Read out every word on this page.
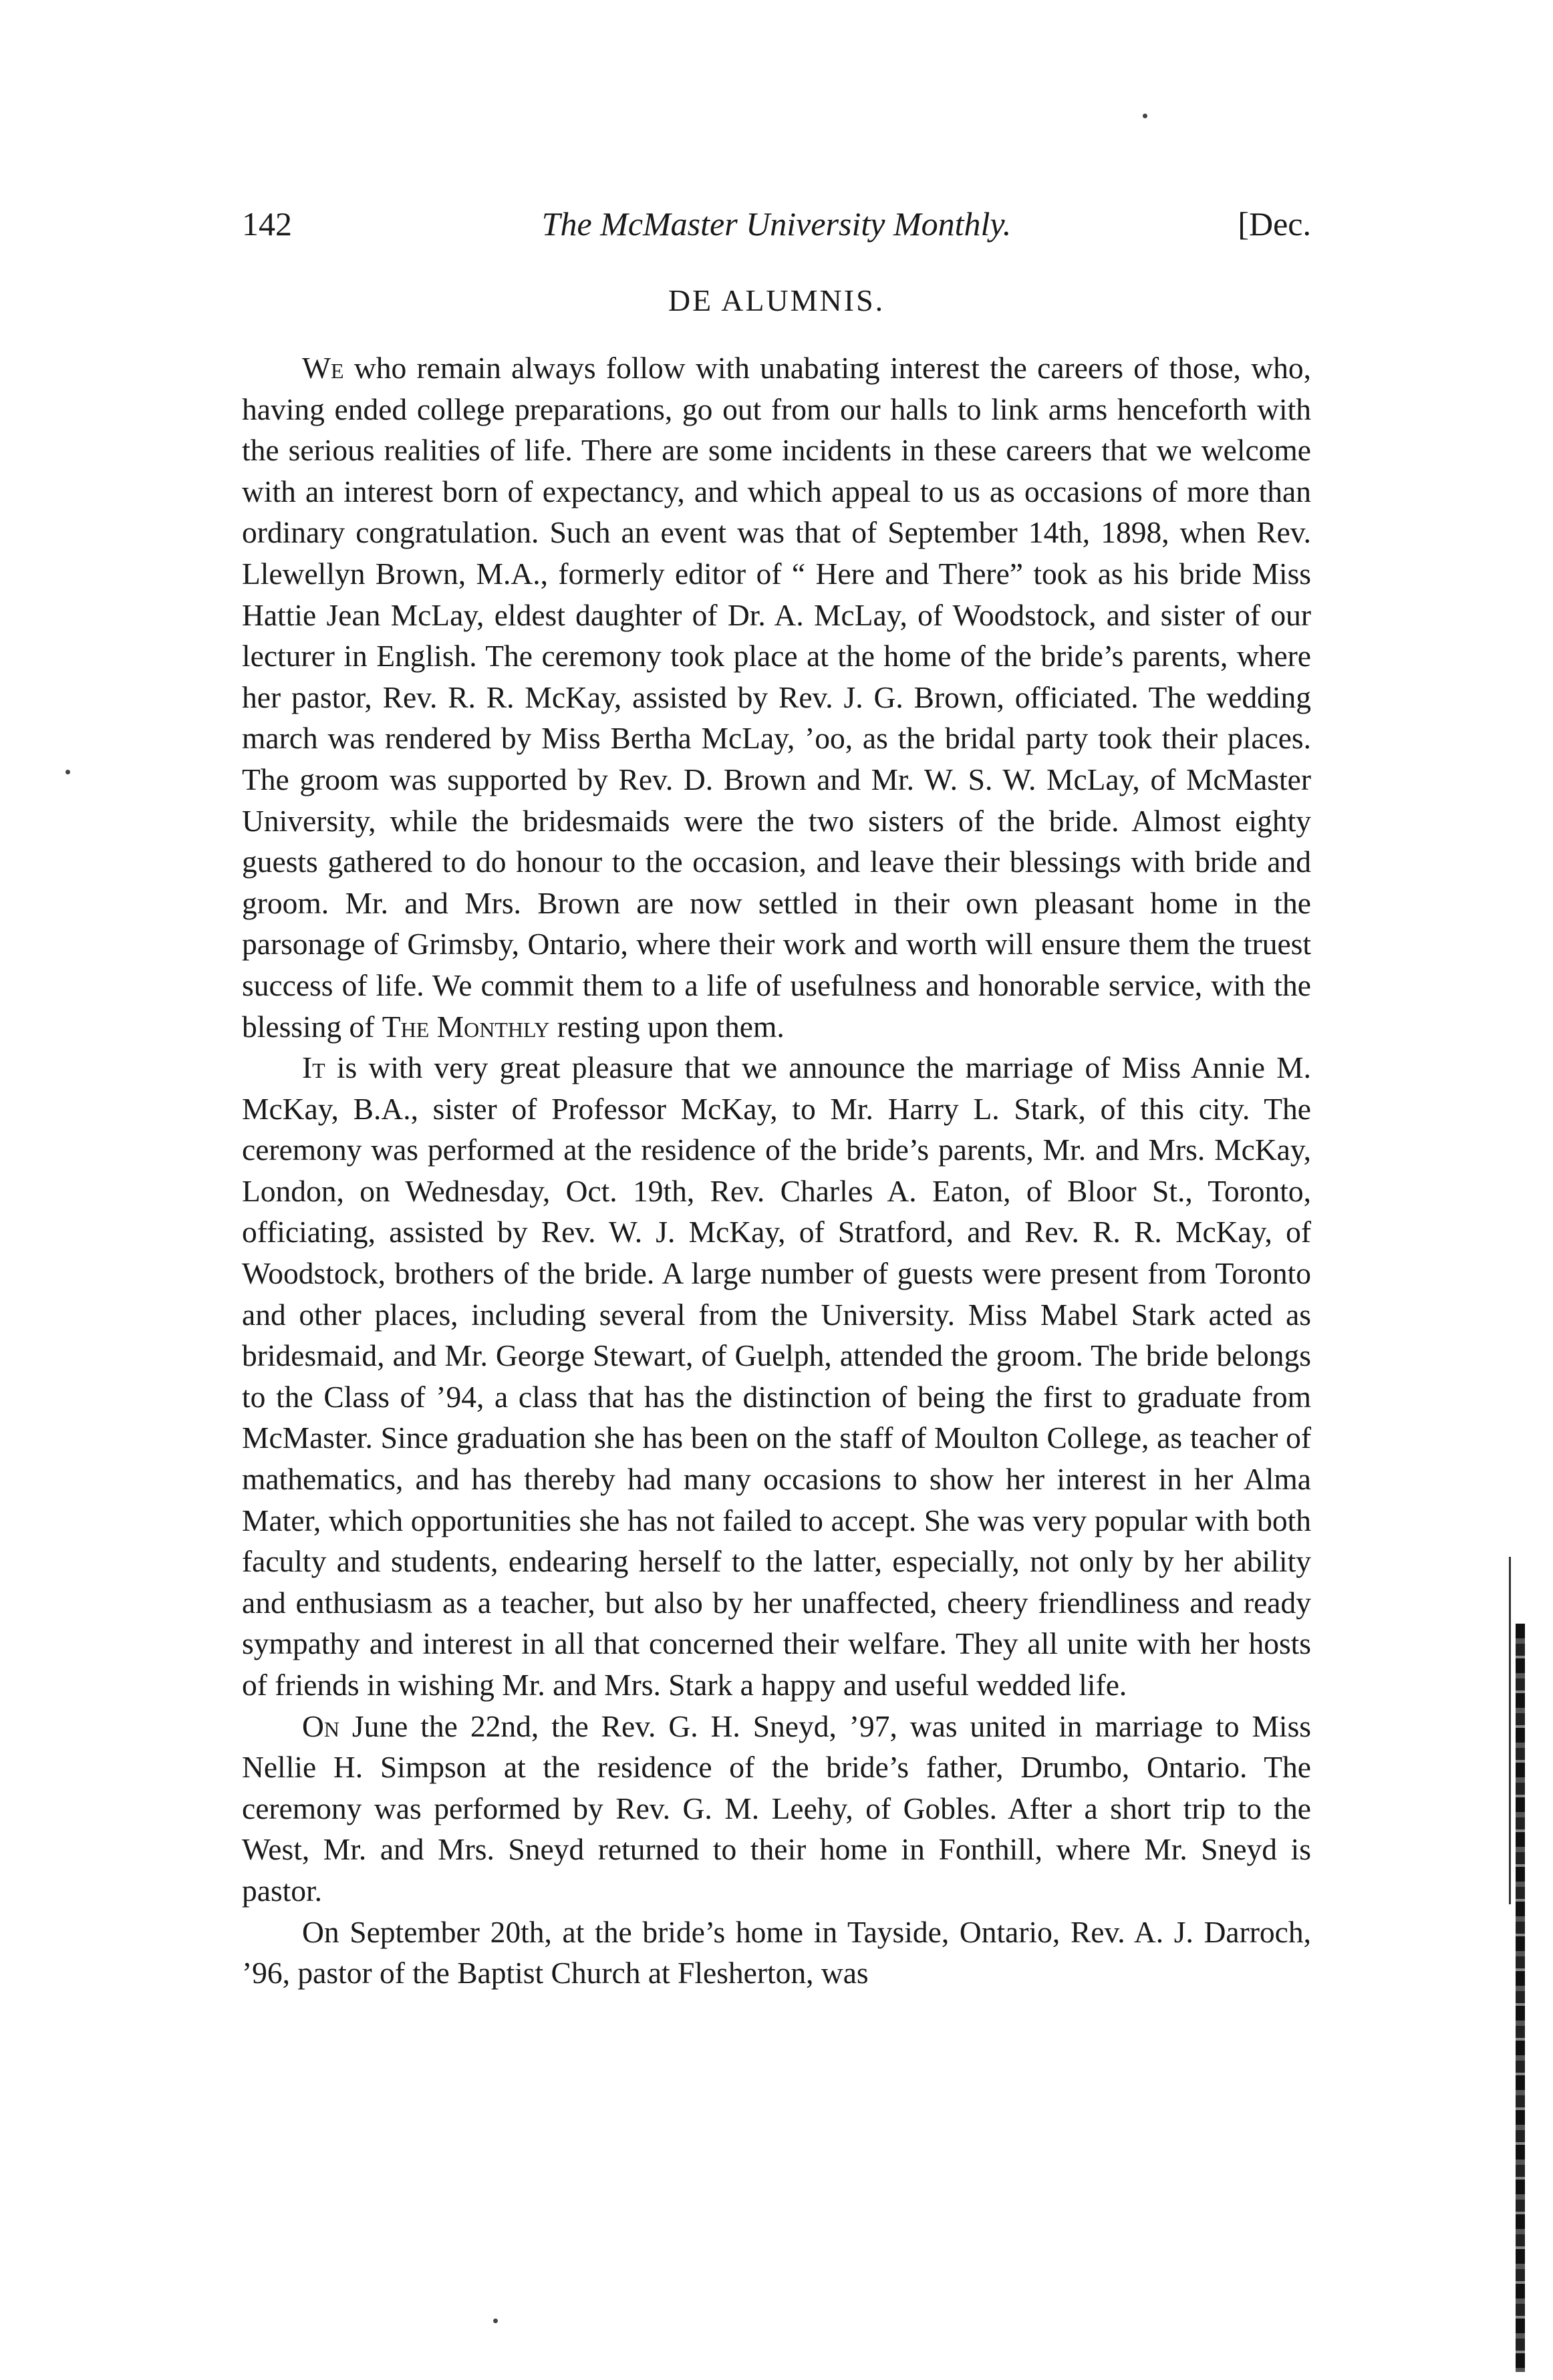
142	The McMaster University Monthly.	[Dec.
DE ALUMNIS.

We who remain always follow with unabating interest the careers of those, who, having ended college preparations, go out from our halls to link arms henceforth with the serious realities of life. There are some incidents in these careers that we welcome with an interest born of expectancy, and which appeal to us as occasions of more than ordinary congratulation. Such an event was that of September 14th, 1898, when Rev. Llewellyn Brown, M.A., formerly editor of “ Here and There” took as his bride Miss Hattie Jean McLay, eldest daughter of Dr. A. McLay, of Woodstock, and sister of our lecturer in English. The ceremony took place at the home of the bride’s parents, where her pastor, Rev. R. R. McKay, assisted by Rev. J. G. Brown, officiated. The wedding march was rendered by Miss Bertha McLay, ’oo, as the bridal party took their places. The groom was supported by Rev. D. Brown and Mr. W. S. W. McLay, of McMaster University, while the bridesmaids were the two sisters of the bride. Almost eighty guests gathered to do honour to the occasion, and leave their blessings with bride and groom. Mr. and Mrs. Brown are now settled in their own pleasant home in the parsonage of Grimsby, Ontario, where their work and worth will ensure them the truest success of life. We commit them to a life of usefulness and honorable service, with the blessing of The Monthly resting upon them.

It is with very great pleasure that we announce the marriage of Miss Annie M. McKay, B.A., sister of Professor McKay, to Mr. Harry L. Stark, of this city. The ceremony was performed at the residence of the bride’s parents, Mr. and Mrs. McKay, London, on Wednesday, Oct. 19th, Rev. Charles A. Eaton, of Bloor St., Toronto, officiating, assisted by Rev. W. J. McKay, of Stratford, and Rev. R. R. McKay, of Woodstock, brothers of the bride. A large number of guests were present from Toronto and other places, including several from the University. Miss Mabel Stark acted as bridesmaid, and Mr. George Stewart, of Guelph, attended the groom. The bride belongs to the Class of ’94, a class that has the distinction of being the first to graduate from McMaster. Since graduation she has been on the staff of Moulton College, as teacher of mathematics, and has thereby had many occasions to show her interest in her Alma Mater, which opportunities she has not failed to accept. She was very popular with both faculty and students, endearing herself to the latter, especially, not only by her ability and enthusiasm as a teacher, but also by her unaffected, cheery friendliness and ready sympathy and interest in all that concerned their welfare. They all unite with her hosts of friends in wishing Mr. and Mrs. Stark a happy and useful wedded life.

On June the 22nd, the Rev. G. H. Sneyd, ’97, was united in marriage to Miss Nellie H. Simpson at the residence of the bride’s father, Drumbo, Ontario. The ceremony was performed by Rev. G. M. Leehy, of Gobles. After a short trip to the West, Mr. and Mrs. Sneyd returned to their home in Fonthill, where Mr. Sneyd is pastor.

On September 20th, at the bride’s home in Tayside, Ontario, Rev. A. J. Darroch, ’96, pastor of the Baptist Church at Flesherton, was
